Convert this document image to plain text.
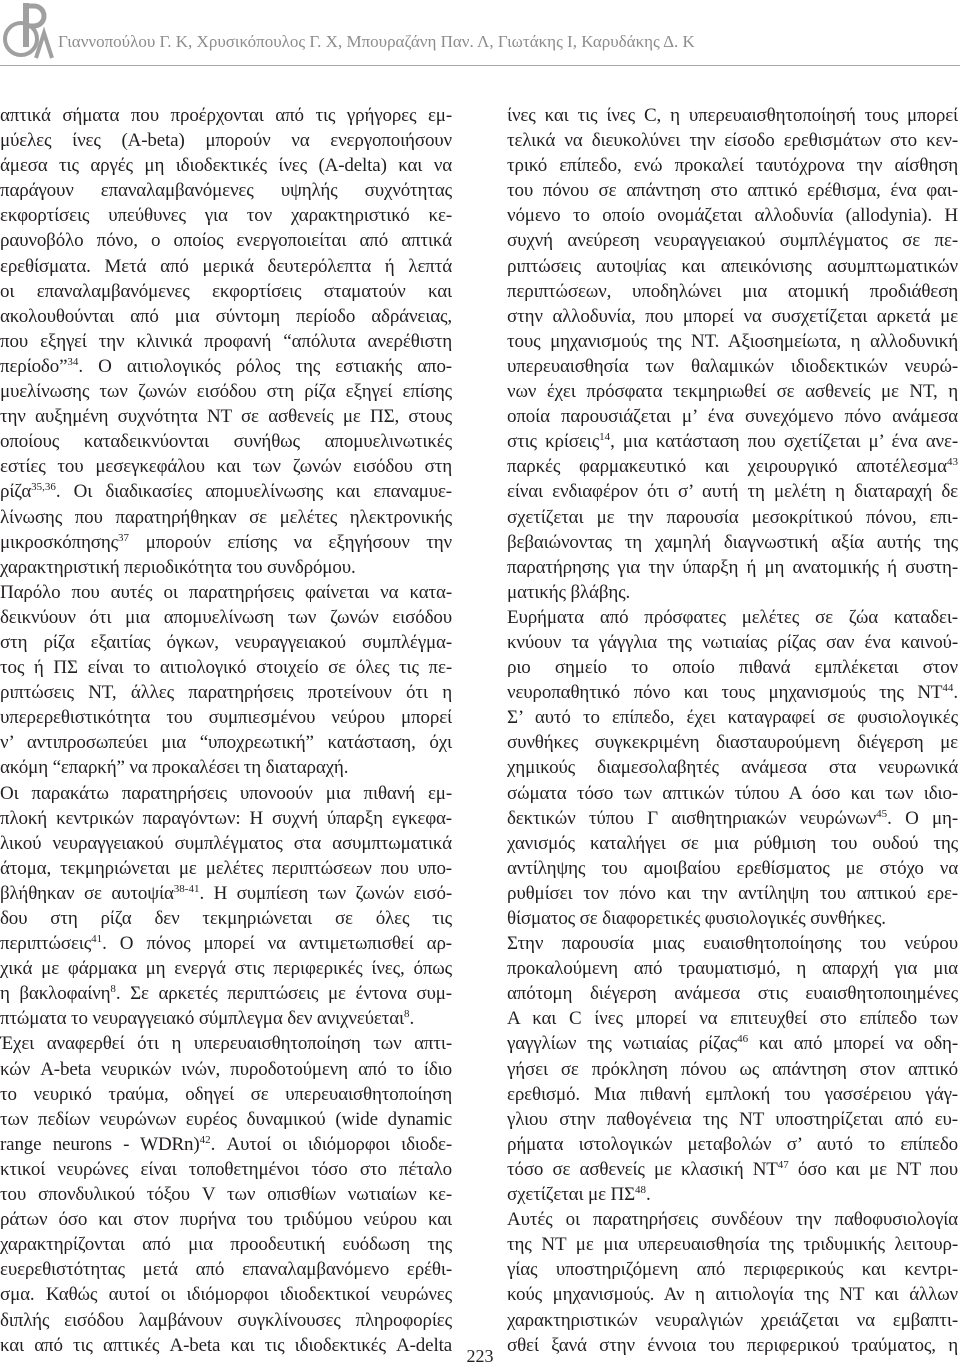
Γιαννοπούλου Γ. Κ, Χρυσικόπουλος Γ. Χ, Μπουραζάνη Παν. Λ, Γιωτάκης Ι, Καρυδάκης Δ. Κ
απτικά σήματα που προέρχονται από τις γρήγορες εμ-
μύελες ίνες (A-beta) μπορούν να ενεργοποιήσουν
άμεσα τις αργές μη ιδιοδεκτικές ίνες (A-delta) και να
παράγουν επαναλαμβανόμενες υψηλής συχνότητας
εκφορτίσεις υπεύθυνες για τον χαρακτηριστικό κε-
ραυνοβόλο πόνο, ο οποίος ενεργοποιείται από απτικά
ερεθίσματα. Μετά από μερικά δευτερόλεπτα ή λεπτά
οι επαναλαμβανόμενες εκφορτίσεις σταματούν και
ακολουθούνται από μια σύντομη περίοδο αδράνειας,
που εξηγεί την κλινικά προφανή “απόλυτα ανερέθιστη
περίοδο”$^{34}$. Ο αιτιολογικός ρόλος της εστιακής απο-
μυελίνωσης των ζωνών εισόδου στη ρίζα εξηγεί επίσης
την αυξημένη συχνότητα ΝΤ σε ασθενείς με ΠΣ, στους
οποίους καταδεικνύονται συνήθως απομυελινωτικές
εστίες του μεσεγκεφάλου και των ζωνών εισόδου στη
ρίζα$^{35,36}$. Οι διαδικασίες απομυελίνωσης και επαναμυε-
λίνωσης που παρατηρήθηκαν σε μελέτες ηλεκτρονικής
μικροσκόπησης$^{37}$ μπορούν επίσης να εξηγήσουν την
χαρακτηριστική περιοδικότητα του συνδρόμου.
Παρόλο που αυτές οι παρατηρήσεις φαίνεται να κατα-
δεικνύουν ότι μια απομυελίνωση των ζωνών εισόδου
στη ρίζα εξαιτίας όγκων, νευραγγειακού συμπλέγμα-
τος ή ΠΣ είναι το αιτιολογικό στοιχείο σε όλες τις πε-
ριπτώσεις ΝΤ, άλλες παρατηρήσεις προτείνουν ότι η
υπερερεθιστικότητα του συμπιεσμένου νεύρου μπορεί
ν’ αντιπροσωπεύει μια “υποχρεωτική” κατάσταση, όχι
ακόμη “επαρκή” να προκαλέσει τη διαταραχή.
Οι παρακάτω παρατηρήσεις υπονοούν μια πιθανή εμ-
πλοκή κεντρικών παραγόντων: Η συχνή ύπαρξη εγκεφα-
λικού νευραγγειακού συμπλέγματος στα ασυμπτωματικά
άτομα, τεκμηριώνεται με μελέτες περιπτώσεων που υπο-
βλήθηκαν σε αυτοψία$^{38-41}$. Η συμπίεση των ζωνών εισό-
δου στη ρίζα δεν τεκμηριώνεται σε όλες τις
περιπτώσεις$^{41}$. Ο πόνος μπορεί να αντιμετωπισθεί αρ-
χικά με φάρμακα μη ενεργά στις περιφερικές ίνες, όπως
η βακλοφαίνη$^8$. Σε αρκετές περιπτώσεις με έντονα συμ-
πτώματα το νευραγγειακό σύμπλεγμα δεν ανιχνεύεται$^8$.
Έχει αναφερθεί ότι η υπερευαισθητοποίηση των απτι-
κών A-beta νευρικών ινών, πυροδοτούμενη από το ίδιο
το νευρικό τραύμα, οδηγεί σε υπερευαισθητοποίηση
των πεδίων νευρώνων ευρέος δυναμικού (wide dynamic
range neurons - WDRn)$^{42}$. Αυτοί οι ιδιόμορφοι ιδιοδε-
κτικοί νευρώνες είναι τοποθετημένοι τόσο στο πέταλο
του σπονδυλικού τόξου V των οπισθίων νωτιαίων κε-
ράτων όσο και στον πυρήνα του τριδύμου νεύρου και
χαρακτηρίζονται από μια προοδευτική ευόδωση της
ευερεθιστότητας μετά από επαναλαμβανόμενο ερέθι-
σμα. Καθώς αυτοί οι ιδιόμορφοι ιδιοδεκτικοί νευρώνες
διπλής εισόδου λαμβάνουν συγκλίνουσες πληροφορίες
και από τις απτικές A-beta και τις ιδιοδεκτικές A-delta
ίνες και τις ίνες C, η υπερευαισθητοποίησή τους μπορεί
τελικά να διευκολύνει την είσοδο ερεθισμάτων στο κεν-
τρικό επίπεδο, ενώ προκαλεί ταυτόχρονα την αίσθηση
του πόνου σε απάντηση στο απτικό ερέθισμα, ένα φαι-
νόμενο το οποίο ονομάζεται αλλοδυνία (allodynia). Η
συχνή ανεύρεση νευραγγειακού συμπλέγματος σε πε-
ριπτώσεις αυτοψίας και απεικόνισης ασυμπτωματικών
περιπτώσεων, υποδηλώνει μια ατομική προδιάθεση
στην αλλοδυνία, που μπορεί να συσχετίζεται αρκετά με
τους μηχανισμούς της ΝΤ. Αξιοσημείωτα, η αλλοδυνική
υπερευαισθησία των θαλαμικών ιδιοδεκτικών νευρώ-
νων έχει πρόσφατα τεκμηριωθεί σε ασθενείς με ΝΤ, η
οποία παρουσιάζεται μ’ ένα συνεχόμενο πόνο ανάμεσα
στις κρίσεις$^{14}$, μια κατάσταση που σχετίζεται μ’ ένα ανε-
παρκές φαρμακευτικό και χειρουργικό αποτέλεσμα$^{43}$
είναι ενδιαφέρον ότι σ’ αυτή τη μελέτη η διαταραχή δε
σχετίζεται με την παρουσία μεσοκρίτικού πόνου, επι-
βεβαιώνοντας τη χαμηλή διαγνωστική αξία αυτής της
παρατήρησης για την ύπαρξη ή μη ανατομικής ή συστη-
ματικής βλάβης.
Ευρήματα από πρόσφατες μελέτες σε ζώα καταδει-
κνύουν τα γάγγλια της νωτιαίας ρίζας σαν ένα καινού-
ριο σημείο το οποίο πιθανά εμπλέκεται στον
νευροπαθητικό πόνο και τους μηχανισμούς της ΝΤ$^{44}$.
Σ’ αυτό το επίπεδο, έχει καταγραφεί σε φυσιολογικές
συνθήκες συγκεκριμένη διασταυρούμενη διέγερση με
χημικούς διαμεσολαβητές ανάμεσα στα νευρωνικά
σώματα τόσο των απτικών τύπου Α όσο και των ιδιο-
δεκτικών τύπου Γ αισθητηριακών νευρώνων$^{45}$. Ο μη-
χανισμός καταλήγει σε μια ρύθμιση του ουδού της
αντίληψης του αμοιβαίου ερεθίσματος με στόχο να
ρυθμίσει τον πόνο και την αντίληψη του απτικού ερε-
θίσματος σε διαφορετικές φυσιολογικές συνθήκες.
Στην παρουσία μιας ευαισθητοποίησης του νεύρου
προκαλούμενη από τραυματισμό, η απαρχή για μια
απότομη διέγερση ανάμεσα στις ευαισθητοποιημένες
Α και C ίνες μπορεί να επιτευχθεί στο επίπεδο των
γαγγλίων της νωτιαίας ρίζας$^{46}$ και από μπορεί να οδη-
γήσει σε πρόκληση πόνου ως απάντηση στον απτικό
ερεθισμό. Μια πιθανή εμπλοκή του γασσέρειου γάγ-
γλιου στην παθογένεια της ΝΤ υποστηρίζεται από ευ-
ρήματα ιστολογικών μεταβολών σ’ αυτό το επίπεδο
τόσο σε ασθενείς με κλασική ΝΤ$^{47}$ όσο και με ΝΤ που
σχετίζεται με ΠΣ$^{48}$.
Αυτές οι παρατηρήσεις συνδέουν την παθοφυσιολογία
της ΝΤ με μια υπερευαισθησία της τριδυμικής λειτουρ-
γίας υποστηριζόμενη από περιφερικούς και κεντρι-
κούς μηχανισμούς. Αν η αιτιολογία της ΝΤ και άλλων
χαρακτηριστικών νευραλγιών χρειάζεται να εμβαπτι-
σθεί ξανά στην έννοια του περιφερικού τραύματος, η
223
